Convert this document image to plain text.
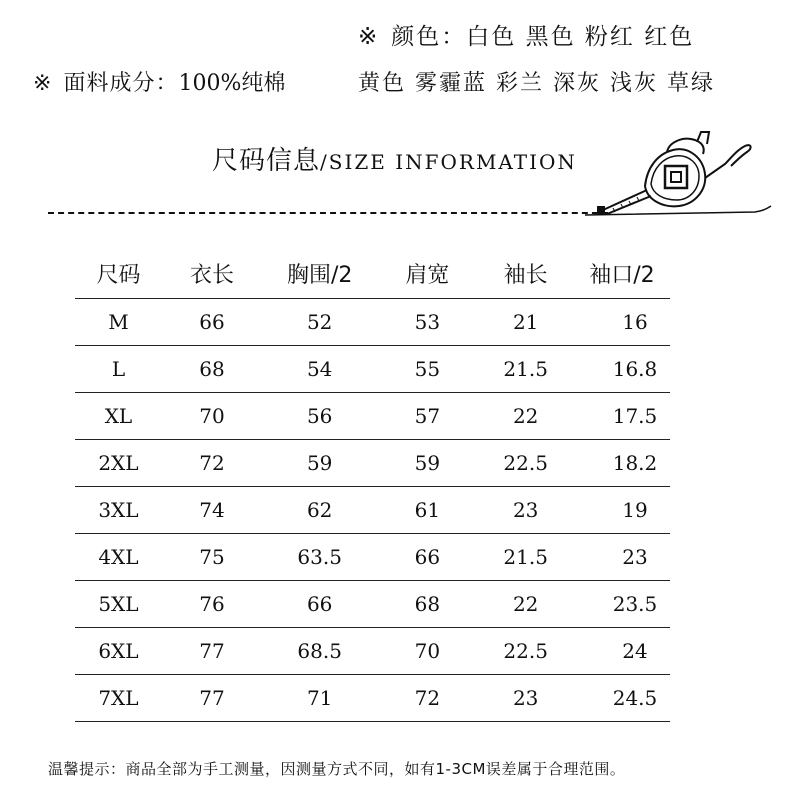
※ 颜色：白色 黑色 粉红 红色
※ 面料成分：100%纯棉	黄色 雾霾蓝 彩兰 深灰 浅灰 草绿
尺码信息/SIZE INFORMATION
尺码	衣长	胸围/2	肩宽	袖长	袖口/2
M	66	52	53	21	16
L	68	54	55	21.5	16.8
XL	70	56	57	22	17.5
2XL	72	59	59	22.5	18.2
3XL	74	62	61	23	19
4XL	75	63.5	66	21.5	23
5XL	76	66	68	22	23.5
6XL	77	68.5	70	22.5	24
7XL	77	71	72	23	24.5
温馨提示：商品全部为手工测量，因测量方式不同，如有1-3CM误差属于合理范围。
